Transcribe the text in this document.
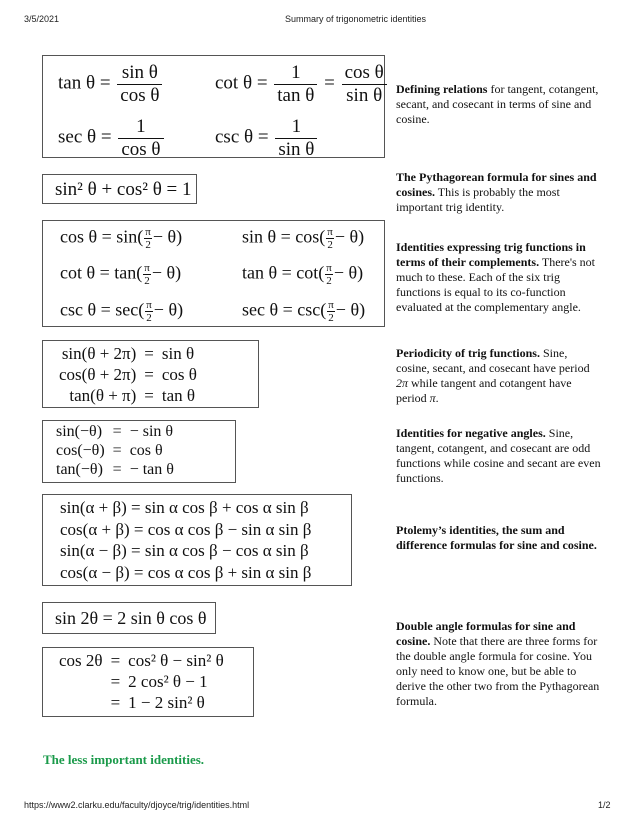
3/5/2021	Summary of trigonometric identities
https://www2.clarku.edu/faculty/djoyce/trig/identities.html	1/2
$\tan \theta = \frac{\text{sin θ}}{\text{cos θ}}$	$\cot \theta = \frac{1}{\text{tan θ}} = \frac{\text{cos θ}}{\text{sin θ}}$
$\sec \theta = \frac{1}{\text{cos θ}}$	$\csc \theta = \frac{1}{\text{sin θ}}$
sin² θ + cos² θ = 1
$\cos \theta = \sin( \frac{\pi}{2} - \theta)$	$\sin \theta = \cos( \frac{\pi}{2} - \theta)$
$\cot \theta = \tan( \frac{\pi}{2} - \theta)$	$\tan \theta = \cot( \frac{\pi}{2} - \theta)$
$\csc \theta = \sec( \frac{\pi}{2} - \theta)$	$\sec \theta = \csc( \frac{\pi}{2} - \theta)$
sin(θ + 2π)	=	sin θ
cos(θ + 2π)	=	cos θ
tan(θ + π)	=	tan θ
sin(−θ)	=	− sin θ
cos(−θ)	=	cos θ
tan(−θ)	=	− tan θ
sin(α + β) = sin α cos β + cos α sin β
cos(α + β) = cos α cos β − sin α sin β
sin(α − β) = sin α cos β − cos α sin β
cos(α − β) = cos α cos β + sin α sin β
sin 2θ = 2 sin θ cos θ
cos 2θ	=	cos² θ − sin² θ
	=	2 cos² θ − 1
	=	1 − 2 sin² θ
Defining relations for tangent, cotangent, secant, and cosecant in terms of sine and cosine.
The Pythagorean formula for sines and cosines. This is probably the most important trig identity.
Identities expressing trig functions in terms of their complements. There's not much to these. Each of the six trig functions is equal to its co-function evaluated at the complementary angle.
Periodicity of trig functions. Sine, cosine, secant, and cosecant have period 2π while tangent and cotangent have period π.
Identities for negative angles. Sine, tangent, cotangent, and cosecant are odd functions while cosine and secant are even functions.
Ptolemy’s identities, the sum and difference formulas for sine and cosine.
Double angle formulas for sine and cosine. Note that there are three forms for the double angle formula for cosine. You only need to know one, but be able to derive the other two from the Pythagorean formula.
The less important identities.
